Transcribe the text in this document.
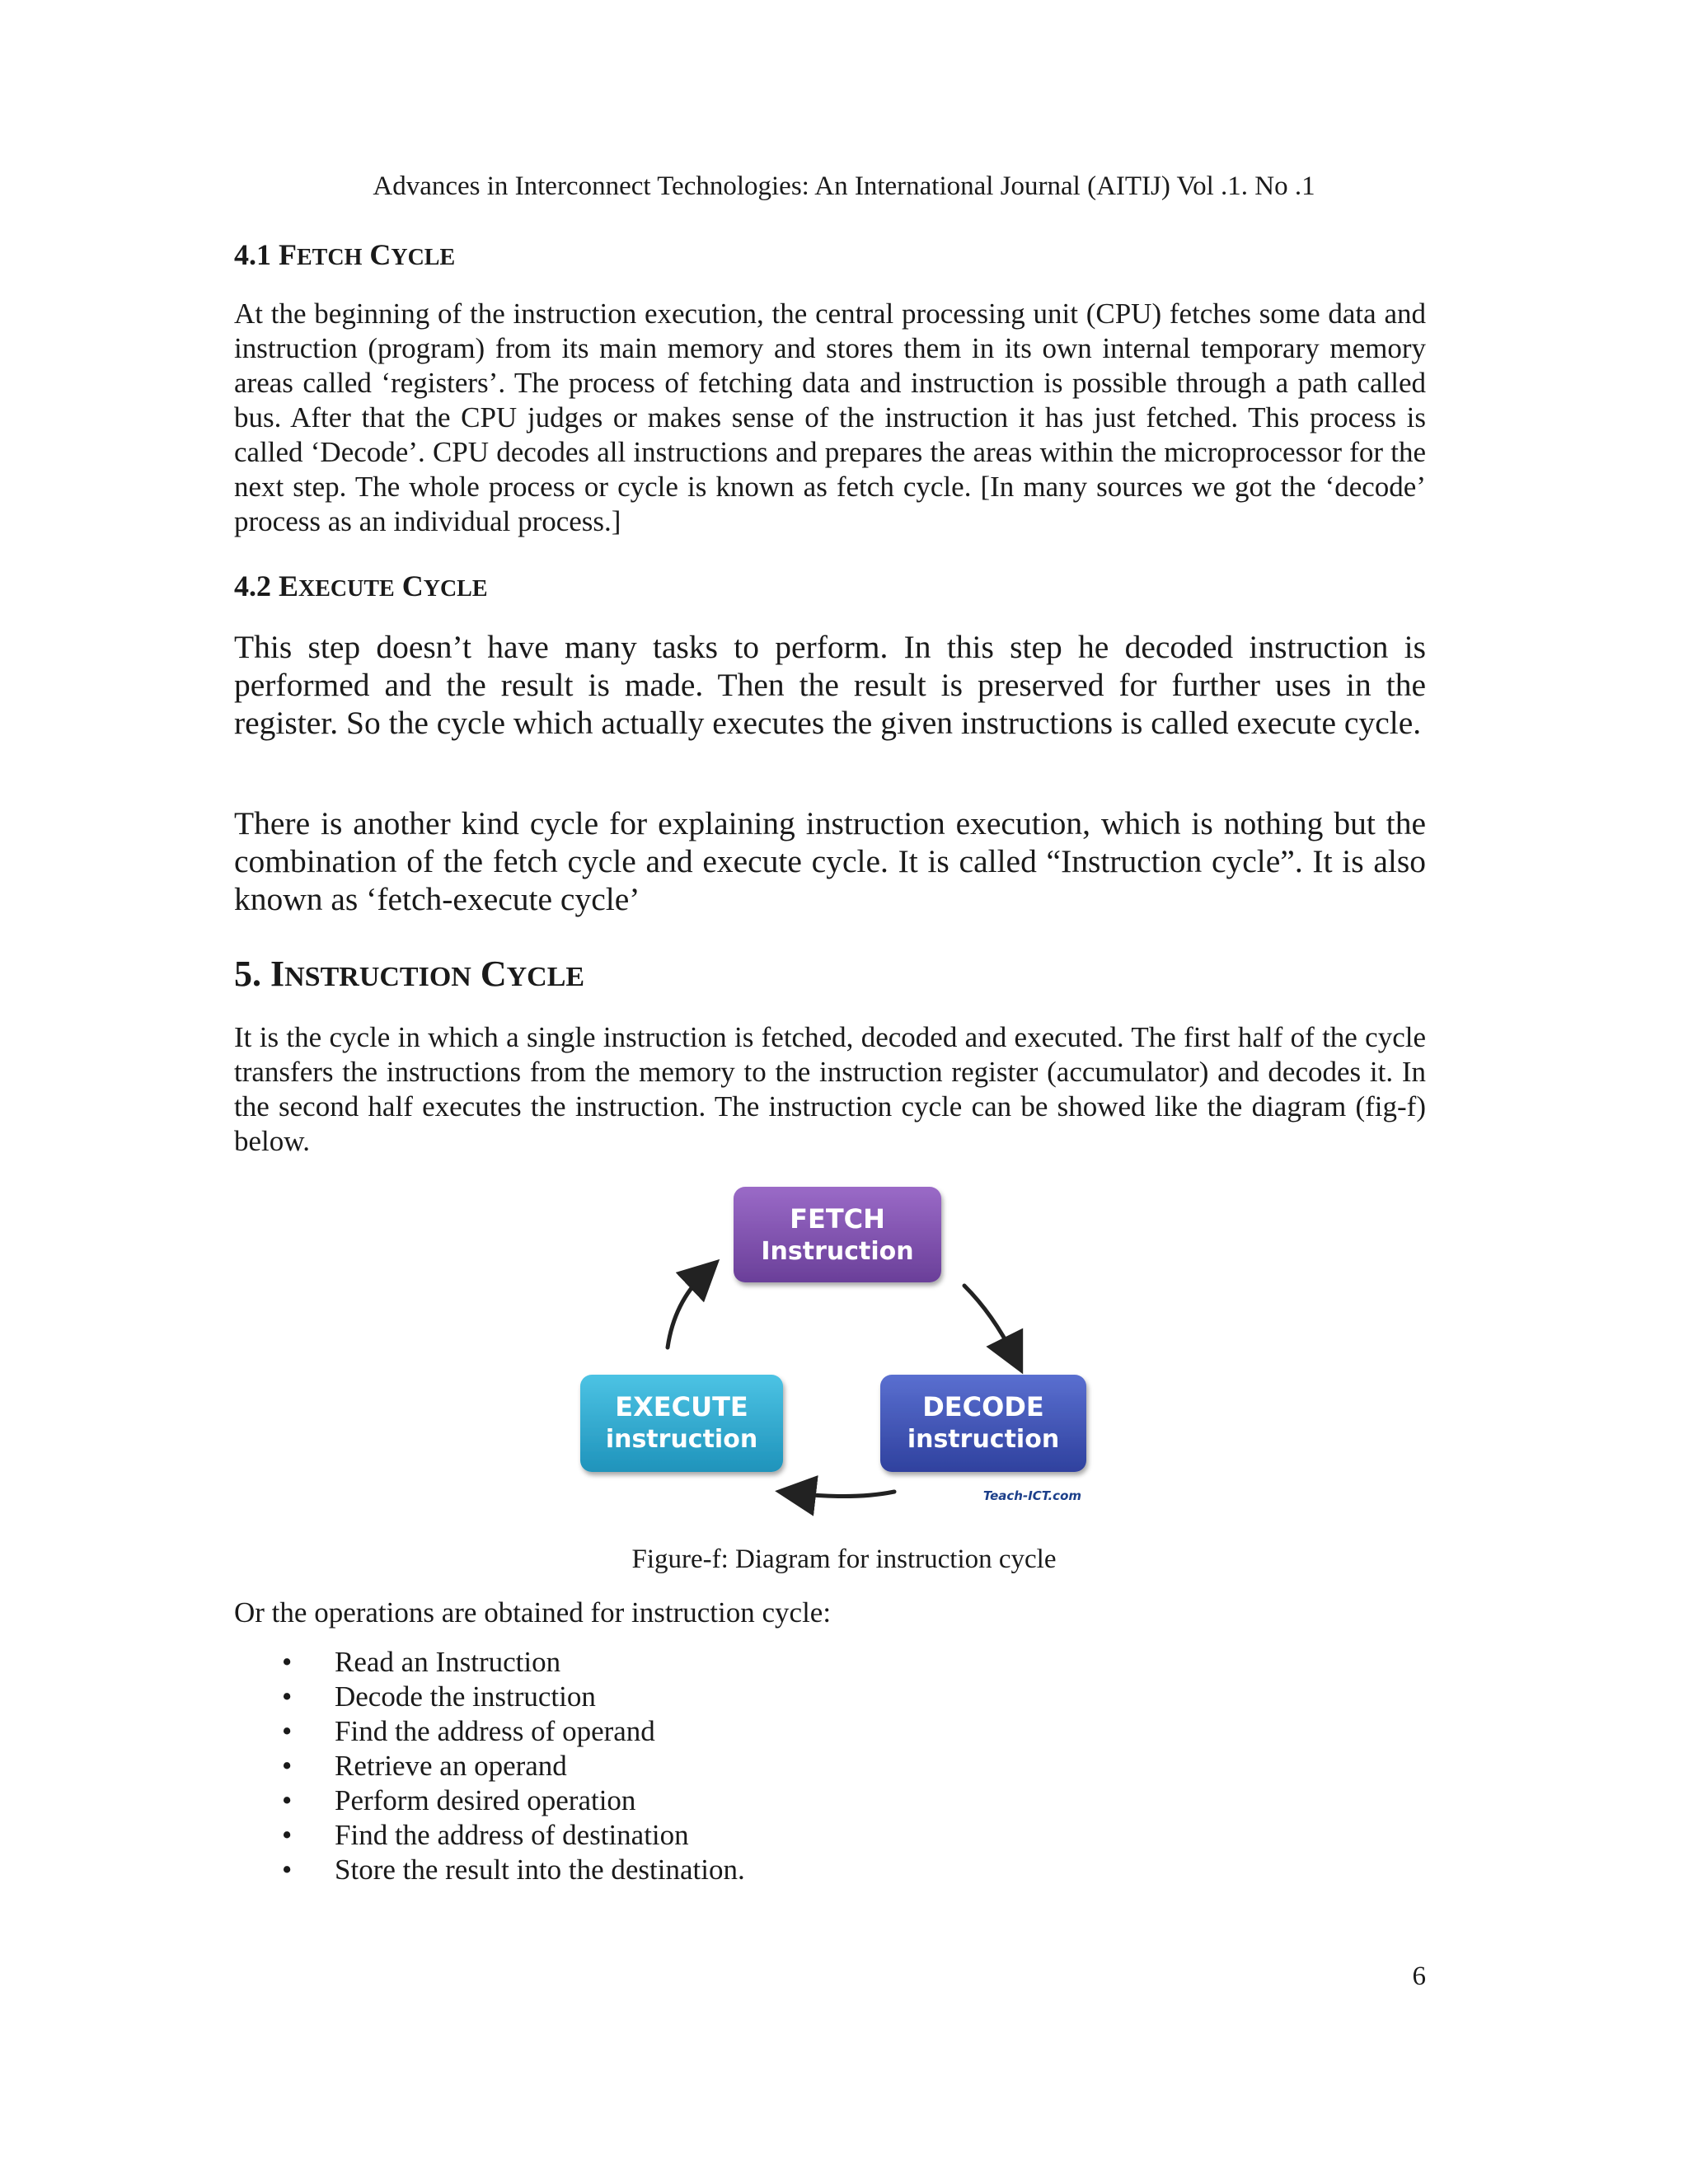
Advances in Interconnect Technologies: An International Journal (AITIJ) Vol .1. No .1
4.1 FETCH CYCLE

At the beginning of the instruction execution, the central processing unit (CPU) fetches some data and instruction (program) from its main memory and stores them in its own internal temporary memory areas called ‘registers’. The process of fetching data and instruction is possible through a path called bus. After that the CPU judges or makes sense of the instruction it has just fetched. This process is called ‘Decode’. CPU decodes all instructions and prepares the areas within the microprocessor for the next step. The whole process or cycle is known as fetch cycle. [In many sources we got the ‘decode’ process as an individual process.]

4.2 EXECUTE CYCLE

This step doesn’t have many tasks to perform. In this step he decoded instruction is performed and the result is made. Then the result is preserved for further uses in the register. So the cycle which actually executes the given instructions is called execute cycle.

There is another kind cycle for explaining instruction execution, which is nothing but the combination of the fetch cycle and execute cycle. It is called “Instruction cycle”. It is also known as ‘fetch-execute cycle’

5. INSTRUCTION CYCLE

It is the cycle in which a single instruction is fetched, decoded and executed. The first half of the cycle transfers the instructions from the memory to the instruction register (accumulator) and decodes it. In the second half executes the instruction. The instruction cycle can be showed like the diagram (fig-f) below.

FETCH
Instruction
DECODE
instruction
EXECUTE
instruction
Teach-ICT.com
Figure-f: Diagram for instruction cycle

Or the operations are obtained for instruction cycle:

• Read an Instruction
• Decode the instruction
• Find the address of operand
• Retrieve an operand
• Perform desired operation
• Find the address of destination
• Store the result into the destination.
6
